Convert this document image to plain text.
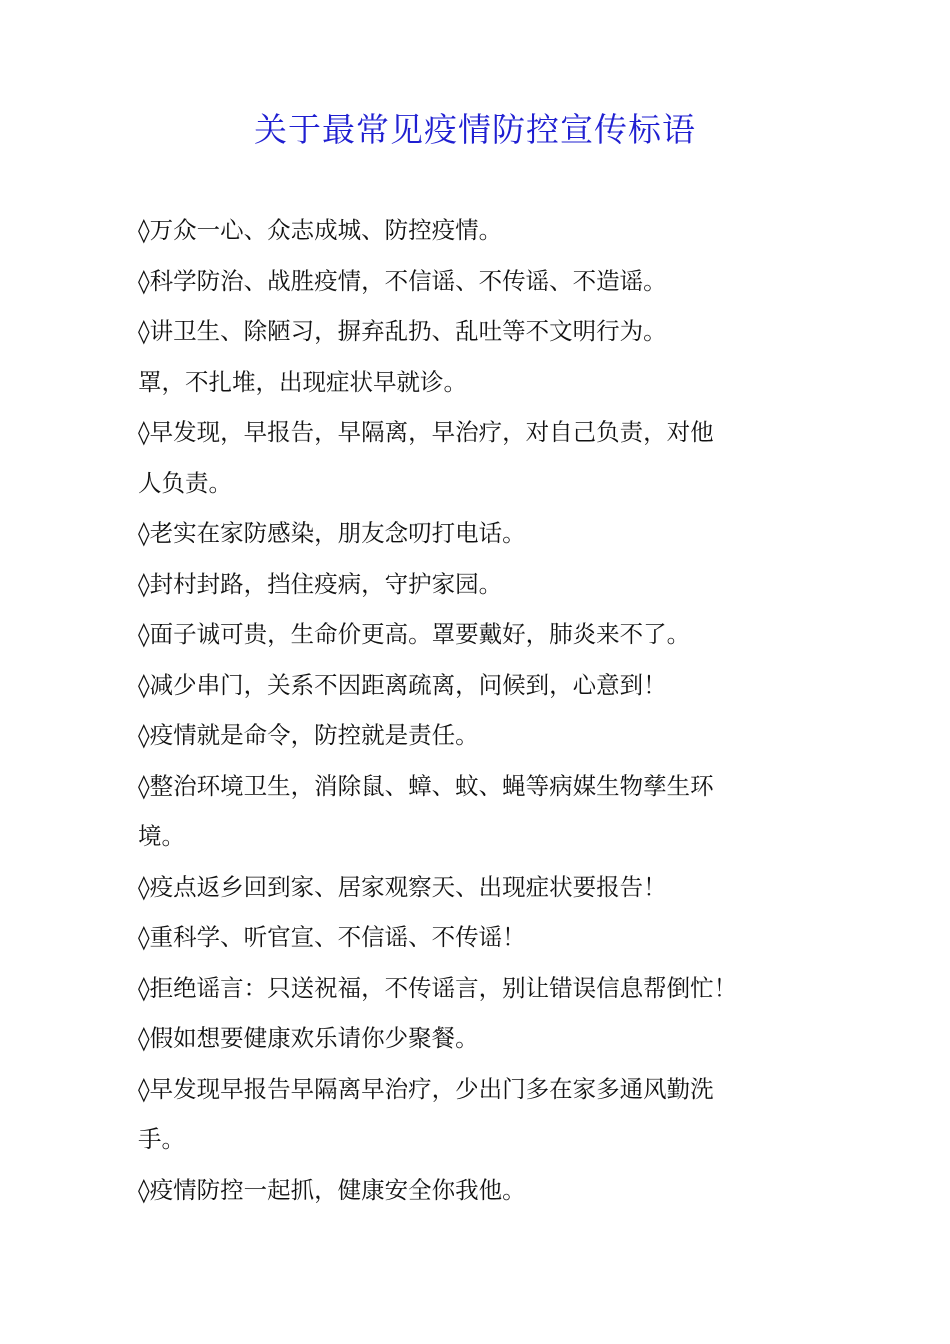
关于最常见疫情防控宣传标语

◊万众一心、众志成城、防控疫情。

◊科学防治、战胜疫情，不信谣、不传谣、不造谣。

◊讲卫生、除陋习，摒弃乱扔、乱吐等不文明行为。

罩，不扎堆，出现症状早就诊。

◊早发现，早报告，早隔离，早治疗，对自己负责，对他

人负责。

◊老实在家防感染，朋友念叨打电话。

◊封村封路，挡住疫病，守护家园。

◊面子诚可贵，生命价更高。罩要戴好，肺炎来不了。

◊减少串门，关系不因距离疏离，问候到，心意到！

◊疫情就是命令，防控就是责任。

◊整治环境卫生，消除鼠、蟑、蚊、蝇等病媒生物孳生环

境。

◊疫点返乡回到家、居家观察天、出现症状要报告！

◊重科学、听官宣、不信谣、不传谣！

◊拒绝谣言：只送祝福，不传谣言，别让错误信息帮倒忙！

◊假如想要健康欢乐请你少聚餐。

◊早发现早报告早隔离早治疗，少出门多在家多通风勤洗

手。

◊疫情防控一起抓，健康安全你我他。
